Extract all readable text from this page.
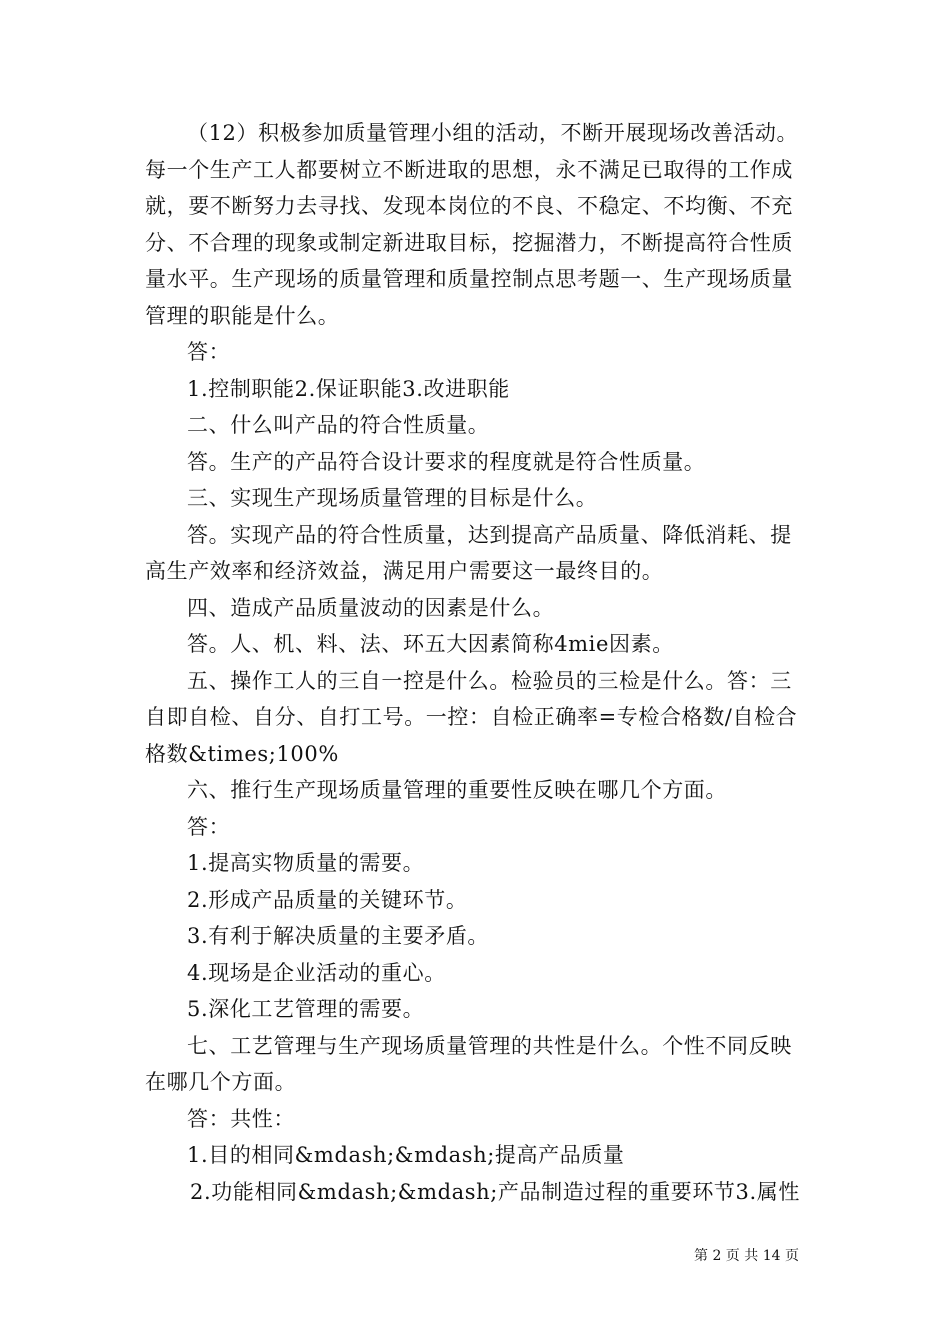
（12）积极参加质量管理小组的活动，不断开展现场改善活动。每一个生产工人都要树立不断进取的思想，永不满足已取得的工作成就，要不断努力去寻找、发现本岗位的不良、不稳定、不均衡、不充分、不合理的现象或制定新进取目标，挖掘潜力，不断提高符合性质量水平。生产现场的质量管理和质量控制点思考题一、生产现场质量管理的职能是什么。

答：

1.控制职能2.保证职能3.改进职能

二、什么叫产品的符合性质量。

答。生产的产品符合设计要求的程度就是符合性质量。

三、实现生产现场质量管理的目标是什么。

答。实现产品的符合性质量，达到提高产品质量、降低消耗、提高生产效率和经济效益，满足用户需要这一最终目的。

四、造成产品质量波动的因素是什么。

答。人、机、料、法、环五大因素简称4mie因素。

五、操作工人的三自一控是什么。检验员的三检是什么。答：三自即自检、自分、自打工号。一控：自检正确率=专检合格数/自检合格数&times;100%

六、推行生产现场质量管理的重要性反映在哪几个方面。

答：

1.提高实物质量的需要。

2.形成产品质量的关键环节。

3.有利于解决质量的主要矛盾。

4.现场是企业活动的重心。

5.深化工艺管理的需要。

七、工艺管理与生产现场质量管理的共性是什么。个性不同反映在哪几个方面。

答：共性：

1.目的相同&mdash;&mdash;提高产品质量

2.功能相同&mdash;&mdash;产品制造过程的重要环节3.属性

第 2 页 共 14 页
